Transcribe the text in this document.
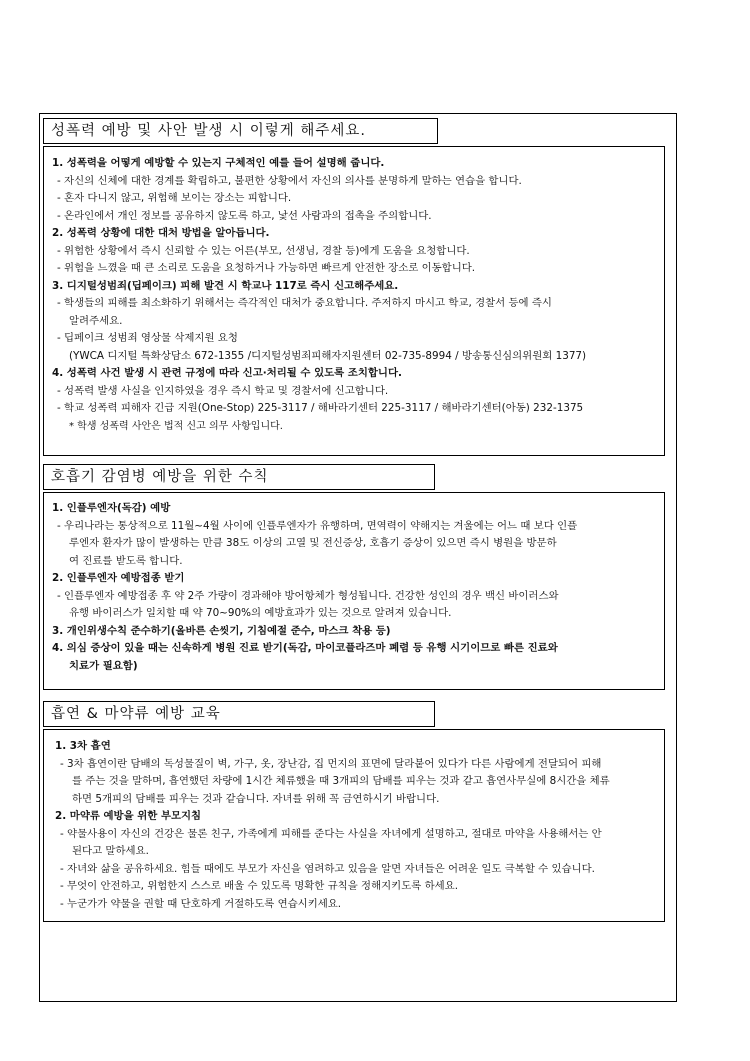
성폭력 예방 및 사안 발생 시 이렇게 해주세요.
1. 성폭력을 어떻게 예방할 수 있는지 구체적인 예를 들어 설명해 줍니다.
- 자신의 신체에 대한 경계를 확립하고, 불편한 상황에서 자신의 의사를 분명하게 말하는 연습을 합니다.
- 혼자 다니지 않고, 위험해 보이는 장소는 피합니다.
- 온라인에서 개인 정보를 공유하지 않도록 하고, 낯선 사람과의 접촉을 주의합니다.
2. 성폭력 상황에 대한 대처 방법을 알아듭니다.
- 위험한 상황에서 즉시 신뢰할 수 있는 어른(부모, 선생님, 경찰 등)에게 도움을 요청합니다.
- 위험을 느꼈을 때 큰 소리로 도움을 요청하거나 가능하면 빠르게 안전한 장소로 이동합니다.
3. 디지털성범죄(딥페이크) 피해 발견 시 학교나 117로 즉시 신고해주세요.
- 학생들의 피해를 최소화하기 위해서는 즉각적인 대처가 중요합니다. 주저하지 마시고 학교, 경찰서 등에 즉시
알려주세요.
- 딥페이크 성범죄 영상물 삭제지원 요청
(YWCA 디지털 특화상담소 672-1355 /디지털성범죄피해자지원센터 02-735-8994 / 방송통신심의위원회 1377)
4. 성폭력 사건 발생 시 관련 규정에 따라 신고·처리될 수 있도록 조치합니다.
- 성폭력 발생 사실을 인지하였을 경우 즉시 학교 및 경찰서에 신고합니다.
- 학교 성폭력 피해자 긴급 지원(One-Stop) 225-3117 / 해바라기센터 225-3117 / 해바라기센터(아동) 232-1375
* 학생 성폭력 사안은 법적 신고 의무 사항입니다.
호흡기 감염병 예방을 위한 수칙
1. 인플루엔자(독감) 예방
- 우리나라는 통상적으로 11월~4월 사이에 인플루엔자가 유행하며, 면역력이 약해지는 겨울에는 어느 때 보다 인플
루엔자 환자가 많이 발생하는 만큼 38도 이상의 고열 및 전신증상, 호흡기 증상이 있으면 즉시 병원을 방문하
여 진료를 받도록 합니다.
2. 인플루엔자 예방접종 받기
- 인플루엔자 예방접종 후 약 2주 가량이 경과해야 방어항체가 형성됩니다. 건강한 성인의 경우 백신 바이러스와
유행 바이러스가 일치할 때 약 70~90%의 예방효과가 있는 것으로 알려져 있습니다.
3. 개인위생수칙 준수하기(올바른 손씻기, 기침예절 준수, 마스크 착용 등)
4. 의심 증상이 있을 때는 신속하게 병원 진료 받기(독감, 마이코플라즈마 폐렴 등 유행 시기이므로 빠른 진료와
치료가 필요함)
흡연 & 마약류 예방 교육
1. 3차 흡연
- 3차 흡연이란 담배의 독성물질이 벽, 가구, 옷, 장난감, 집 먼지의 표면에 달라붙어 있다가 다른 사람에게 전달되어 피해
를 주는 것을 말하며, 흡연했던 차량에 1시간 체류했을 때 3개피의 담배를 피우는 것과 같고 흡연사무실에 8시간을 체류
하면 5개피의 담배를 피우는 것과 같습니다. 자녀를 위해 꼭 금연하시기 바랍니다.
2. 마약류 예방을 위한 부모지침
- 약물사용이 자신의 건강은 물론 친구, 가족에게 피해를 준다는 사실을 자녀에게 설명하고, 절대로 마약을 사용해서는 안
된다고 말하세요.
- 자녀와 삶을 공유하세요. 힘들 때에도 부모가 자신을 염려하고 있음을 알면 자녀들은 어려운 일도 극복할 수 있습니다.
- 무엇이 안전하고, 위험한지 스스로 배울 수 있도록 명확한 규칙을 정해지키도록 하세요.
- 누군가가 약물을 권할 때 단호하게 거절하도록 연습시키세요.
